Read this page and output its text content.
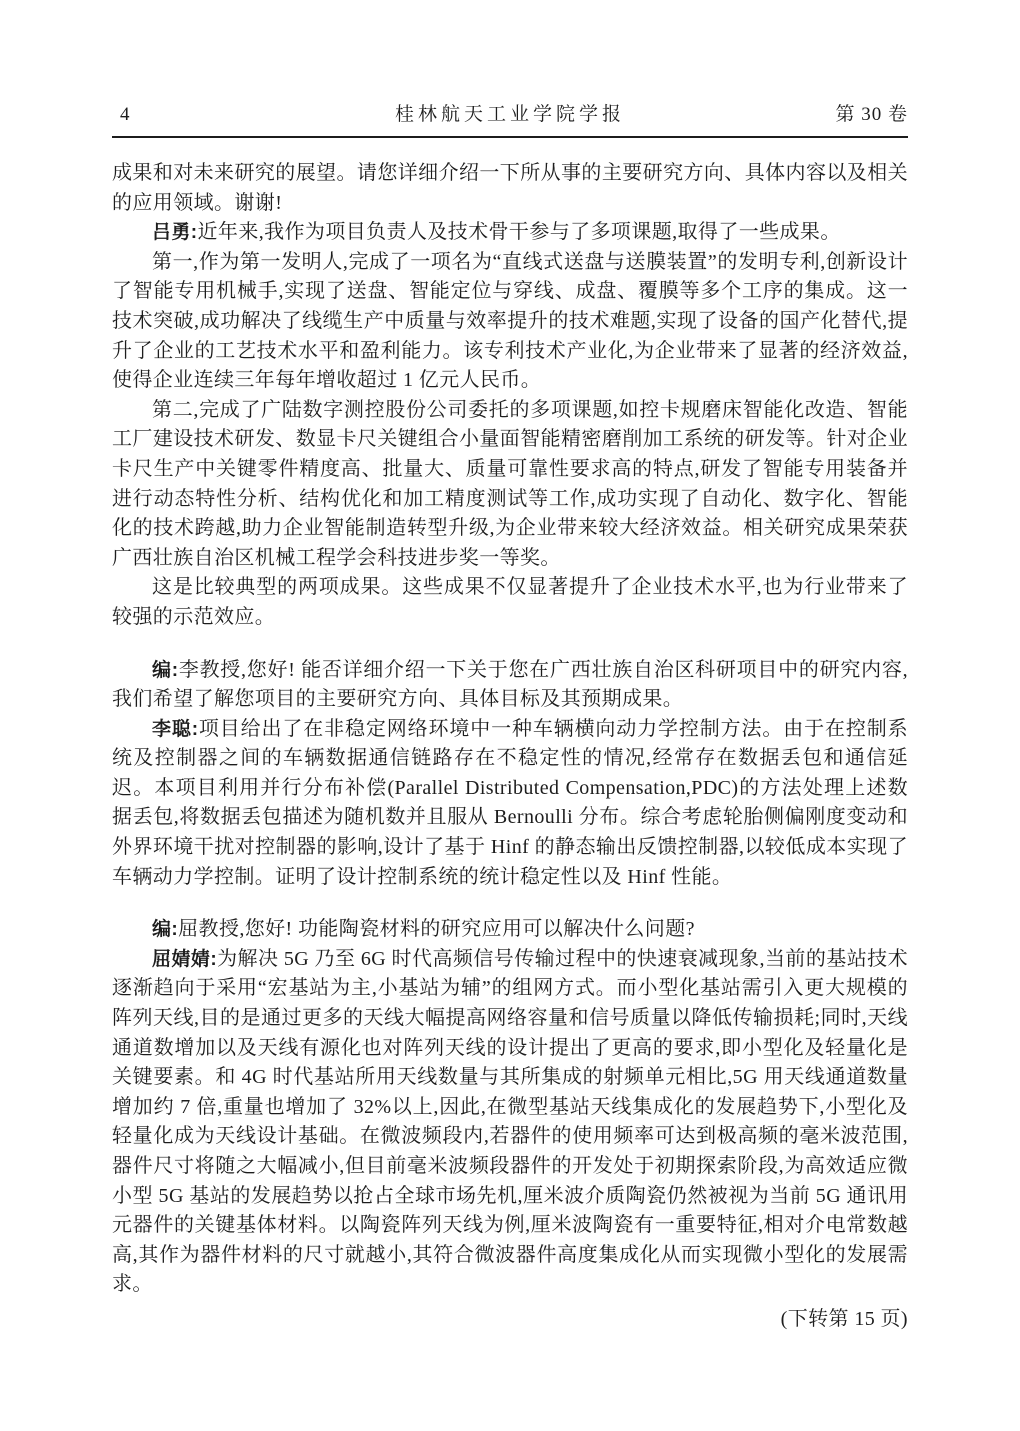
4	桂林航天工业学院学报	第 30 卷

成果和对未来研究的展望。请您详细介绍一下所从事的主要研究方向、具体内容以及相关的应用领域。谢谢!

吕勇:近年来,我作为项目负责人及技术骨干参与了多项课题,取得了一些成果。

第一,作为第一发明人,完成了一项名为“直线式送盘与送膜装置”的发明专利,创新设计了智能专用机械手,实现了送盘、智能定位与穿线、成盘、覆膜等多个工序的集成。这一技术突破,成功解决了线缆生产中质量与效率提升的技术难题,实现了设备的国产化替代,提升了企业的工艺技术水平和盈利能力。该专利技术产业化,为企业带来了显著的经济效益,使得企业连续三年每年增收超过 1 亿元人民币。

第二,完成了广陆数字测控股份公司委托的多项课题,如控卡规磨床智能化改造、智能工厂建设技术研发、数显卡尺关键组合小量面智能精密磨削加工系统的研发等。针对企业卡尺生产中关键零件精度高、批量大、质量可靠性要求高的特点,研发了智能专用装备并进行动态特性分析、结构优化和加工精度测试等工作,成功实现了自动化、数字化、智能化的技术跨越,助力企业智能制造转型升级,为企业带来较大经济效益。相关研究成果荣获广西壮族自治区机械工程学会科技进步奖一等奖。

这是比较典型的两项成果。这些成果不仅显著提升了企业技术水平,也为行业带来了较强的示范效应。

编:李教授,您好! 能否详细介绍一下关于您在广西壮族自治区科研项目中的研究内容,我们希望了解您项目的主要研究方向、具体目标及其预期成果。

李聪:项目给出了在非稳定网络环境中一种车辆横向动力学控制方法。由于在控制系统及控制器之间的车辆数据通信链路存在不稳定性的情况,经常存在数据丢包和通信延迟。本项目利用并行分布补偿(Parallel Distributed Compensation,PDC)的方法处理上述数据丢包,将数据丢包描述为随机数并且服从 Bernoulli 分布。综合考虑轮胎侧偏刚度变动和外界环境干扰对控制器的影响,设计了基于 Hinf 的静态输出反馈控制器,以较低成本实现了车辆动力学控制。证明了设计控制系统的统计稳定性以及 Hinf 性能。

编:屈教授,您好! 功能陶瓷材料的研究应用可以解决什么问题?

屈婧婧:为解决 5G 乃至 6G 时代高频信号传输过程中的快速衰减现象,当前的基站技术逐渐趋向于采用“宏基站为主,小基站为辅”的组网方式。而小型化基站需引入更大规模的阵列天线,目的是通过更多的天线大幅提高网络容量和信号质量以降低传输损耗;同时,天线通道数增加以及天线有源化也对阵列天线的设计提出了更高的要求,即小型化及轻量化是关键要素。和 4G 时代基站所用天线数量与其所集成的射频单元相比,5G 用天线通道数量增加约 7 倍,重量也增加了 32%以上,因此,在微型基站天线集成化的发展趋势下,小型化及轻量化成为天线设计基础。在微波频段内,若器件的使用频率可达到极高频的毫米波范围,器件尺寸将随之大幅减小,但目前毫米波频段器件的开发处于初期探索阶段,为高效适应微小型 5G 基站的发展趋势以抢占全球市场先机,厘米波介质陶瓷仍然被视为当前 5G 通讯用元器件的关键基体材料。以陶瓷阵列天线为例,厘米波陶瓷有一重要特征,相对介电常数越高,其作为器件材料的尺寸就越小,其符合微波器件高度集成化从而实现微小型化的发展需求。

(下转第 15 页)
